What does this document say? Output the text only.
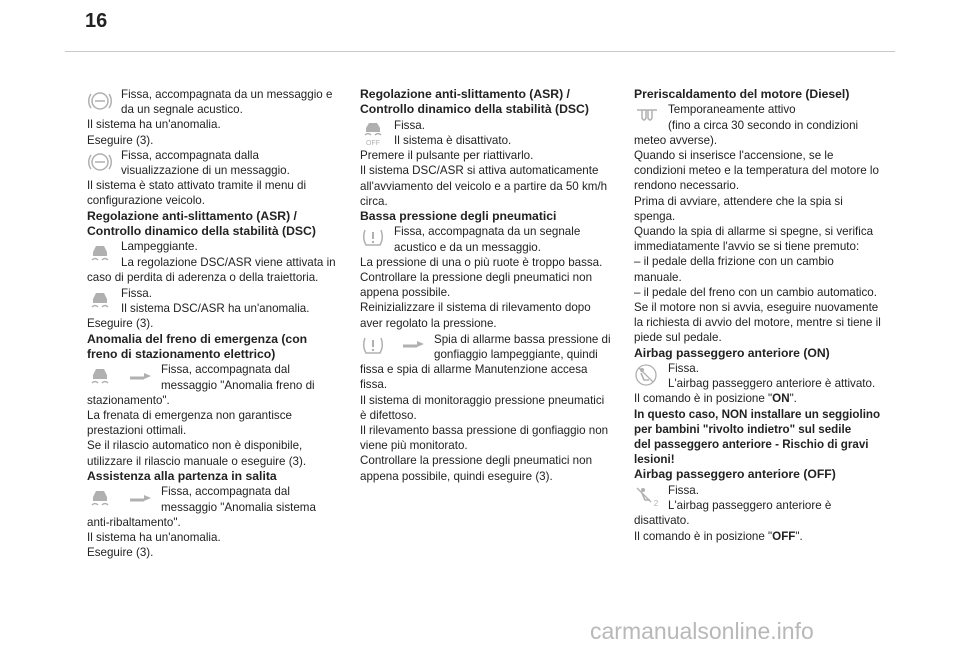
16

Fissa, accompagnata da un messaggio e

da un segnale acustico.

Il sistema ha un'anomalia.

Eseguire (3).

Fissa, accompagnata dalla

visualizzazione di un messaggio.

Il sistema è stato attivato tramite il menu di

configurazione veicolo.

Regolazione anti-slittamento (ASR) /
Controllo dinamico della stabilità (DSC)

Lampeggiante.

La regolazione DSC/ASR viene attivata in

caso di perdita di aderenza o della traiettoria.

Fissa.

Il sistema DSC/ASR ha un'anomalia.

Eseguire (3).

Anomalia del freno di emergenza (con
freno di stazionamento elettrico)

Fissa, accompagnata dal

messaggio "Anomalia freno di

stazionamento".

La frenata di emergenza non garantisce

prestazioni ottimali.

Se il rilascio automatico non è disponibile,

utilizzare il rilascio manuale o eseguire (3).

Assistenza alla partenza in salita

Fissa, accompagnata dal

messaggio "Anomalia sistema

anti-ribaltamento".

Il sistema ha un'anomalia.

Eseguire (3).

Regolazione anti-slittamento (ASR) /
Controllo dinamico della stabilità (DSC)

OFF

Fissa.

Il sistema è disattivato.

Premere il pulsante per riattivarlo.

Il sistema DSC/ASR si attiva automaticamente

all'avviamento del veicolo e a partire da 50 km/h

circa.

Bassa pressione degli pneumatici

Fissa, accompagnata da un segnale

acustico e da un messaggio.

La pressione di una o più ruote è troppo bassa.

Controllare la pressione degli pneumatici non

appena possibile.

Reinizializzare il sistema di rilevamento dopo

aver regolato la pressione.

Spia di allarme bassa pressione di

gonfiaggio lampeggiante, quindi

fissa e spia di allarme Manutenzione accesa

fissa.

Il sistema di monitoraggio pressione pneumatici

è difettoso.

Il rilevamento bassa pressione di gonfiaggio non

viene più monitorato.

Controllare la pressione degli pneumatici non

appena possibile, quindi eseguire (3).

Preriscaldamento del motore (Diesel)

Temporaneamente attivo

(fino a circa 30 secondo in condizioni

meteo avverse).

Quando si inserisce l'accensione, se le

condizioni meteo e la temperatura del motore lo

rendono necessario.

Prima di avviare, attendere che la spia si

spenga.

Quando la spia di allarme si spegne, si verifica

immediatamente l'avvio se si tiene premuto:

– il pedale della frizione con un cambio

manuale.

– il pedale del freno con un cambio automatico.

Se il motore non si avvia, eseguire nuovamente

la richiesta di avvio del motore, mentre si tiene il

piede sul pedale.

Airbag passeggero anteriore (ON)

Fissa.

L'airbag passeggero anteriore è attivato.

Il comando è in posizione "ON".

In questo caso, NON installare un seggiolino

per bambini "rivolto indietro" sul sedile

del passeggero anteriore - Rischio di gravi

lesioni!

Airbag passeggero anteriore (OFF)

2

Fissa.

L'airbag passeggero anteriore è

disattivato.

Il comando è in posizione "OFF".

carmanualsonline.info
